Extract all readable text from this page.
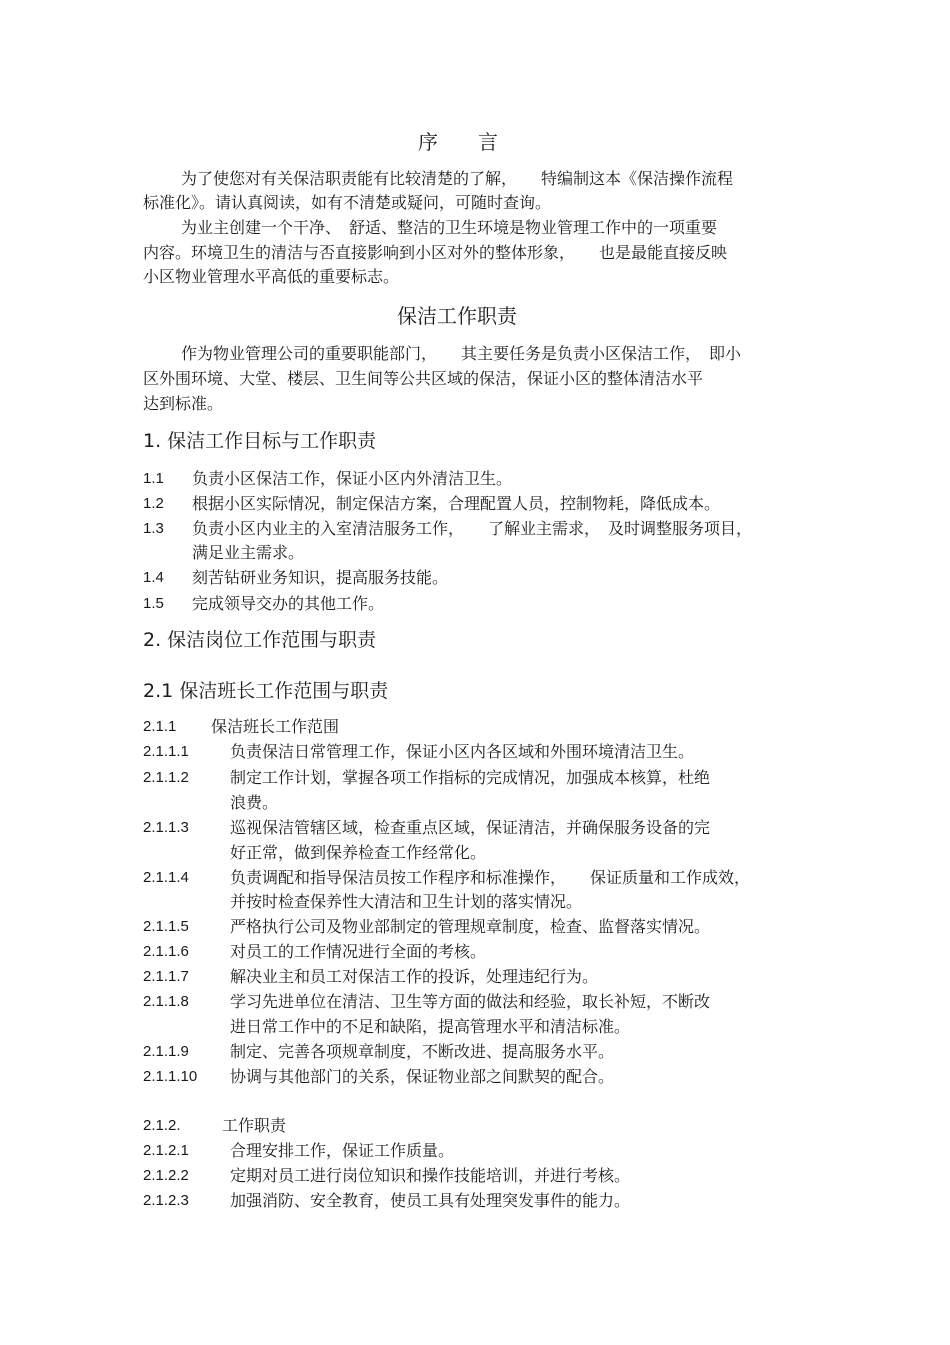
序　　言
为了使您对有关保洁职责能有比较清楚的了解，　　特编制这本《保洁操作流程
标准化》。请认真阅读，如有不清楚或疑问，可随时查询。
为业主创建一个干净、　舒适、整洁的卫生环境是物业管理工作中的一项重要
内容。环境卫生的清洁与否直接影响到小区对外的整体形象，　　也是最能直接反映
小区物业管理水平高低的重要标志。
保洁工作职责
作为物业管理公司的重要职能部门，　　其主要任务是负责小区保洁工作，　即小
区外围环境、大堂、楼层、卫生间等公共区域的保洁，保证小区的整体清洁水平
达到标准。
1. 保洁工作目标与工作职责
1.1 负责小区保洁工作，保证小区内外清洁卫生。
1.2 根据小区实际情况，制定保洁方案，合理配置人员，控制物耗，降低成本。
1.3 负责小区内业主的入室清洁服务工作，　　了解业主需求，　及时调整服务项目，
满足业主需求。
1.4 刻苦钻研业务知识，提高服务技能。
1.5 完成领导交办的其他工作。
2. 保洁岗位工作范围与职责
2.1 保洁班长工作范围与职责
2.1.1 保洁班长工作范围
2.1.1.1	负责保洁日常管理工作，保证小区内各区域和外围环境清洁卫生。
2.1.1.2	制定工作计划，掌握各项工作指标的完成情况，加强成本核算，杜绝
浪费。
2.1.1.3	巡视保洁管辖区域，检查重点区域，保证清洁，并确保服务设备的完
好正常，做到保养检查工作经常化。
2.1.1.4	负责调配和指导保洁员按工作程序和标准操作，　　保证质量和工作成效，
并按时检查保养性大清洁和卫生计划的落实情况。
2.1.1.5	严格执行公司及物业部制定的管理规章制度，检查、监督落实情况。
2.1.1.6	对员工的工作情况进行全面的考核。
2.1.1.7	解决业主和员工对保洁工作的投诉，处理违纪行为。
2.1.1.8	学习先进单位在清洁、卫生等方面的做法和经验，取长补短，不断改
进日常工作中的不足和缺陷，提高管理水平和清洁标准。
2.1.1.9	制定、完善各项规章制度，不断改进、提高服务水平。
2.1.1.10 协调与其他部门的关系，保证物业部之间默契的配合。
2.1.2.	工作职责
2.1.2.1	合理安排工作，保证工作质量。
2.1.2.2	定期对员工进行岗位知识和操作技能培训，并进行考核。
2.1.2.3	加强消防、安全教育，使员工具有处理突发事件的能力。
